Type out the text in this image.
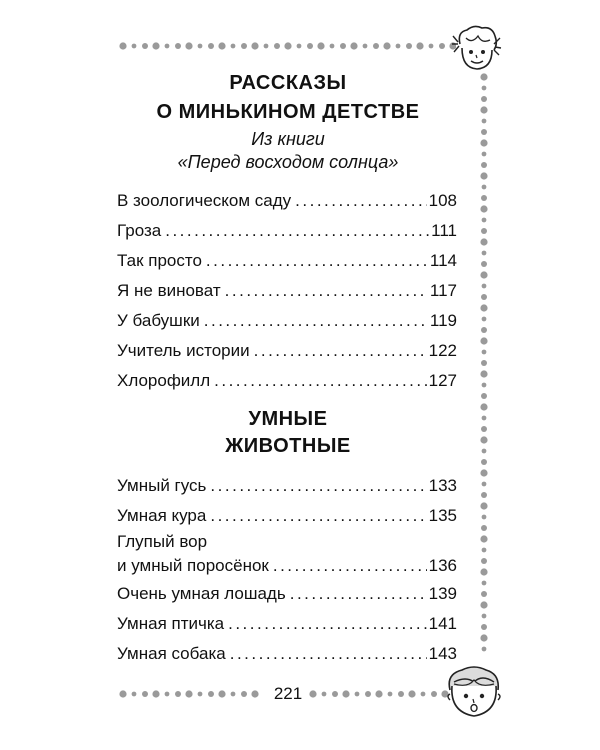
221
РАССКАЗЫ
О МИНЬКИНОМ ДЕТСТВЕ
Из книги
«Перед восходом солнца»
В зоологическом саду .....	108
Гроза .....	111
Так просто .....	114
Я не виноват .....	117
У бабушки .....	119
Учитель истории .....	122
Хлорофилл .....	127
УМНЫЕ
ЖИВОТНЫЕ
Умный гусь .....	133
Умная кура .....	135
Глупый вор
и умный поросёнок .....	136
Очень умная лошадь .....	139
Умная птичка .....	141
Умная собака .....	143
